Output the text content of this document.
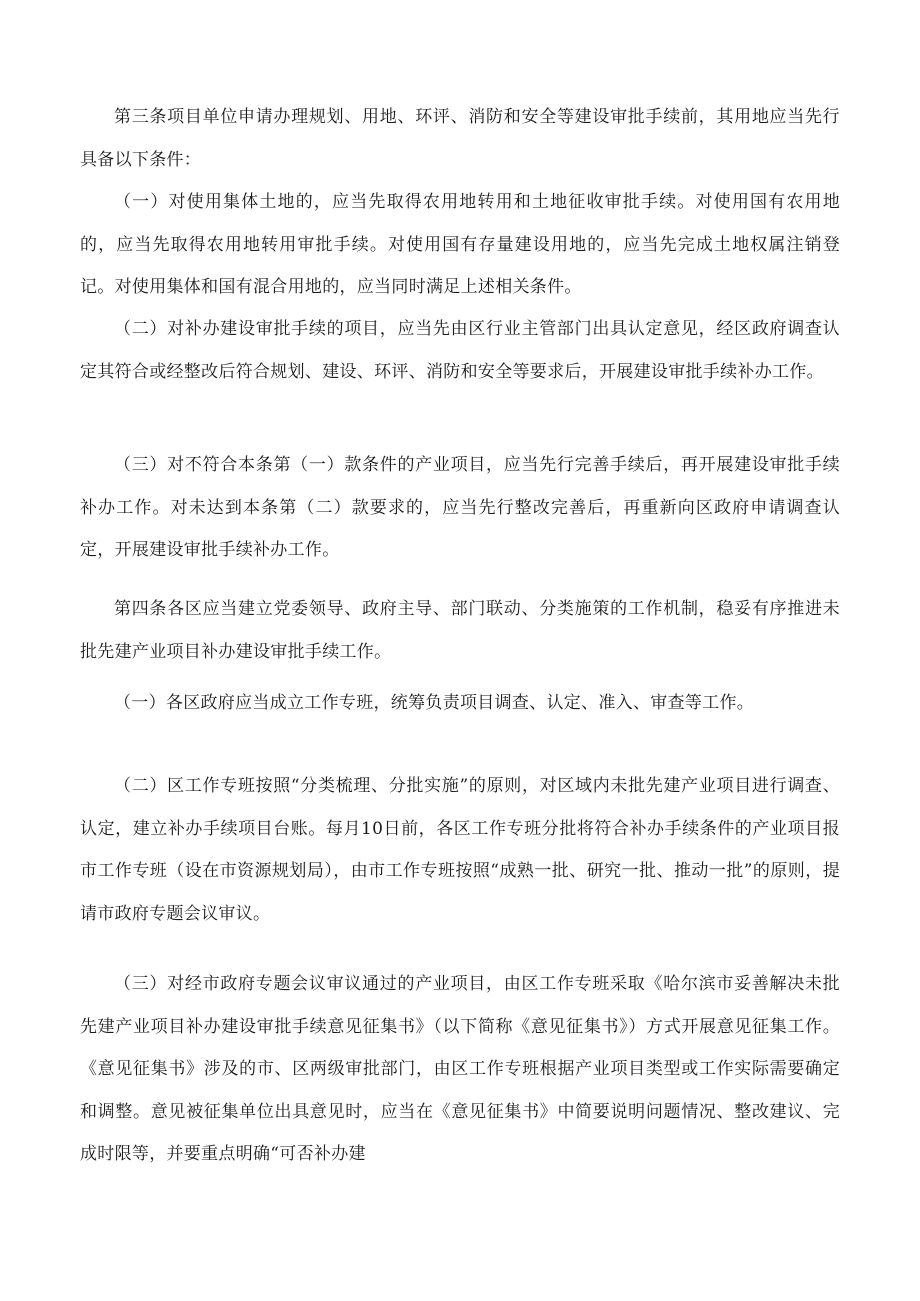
第三条项目单位申请办理规划、用地、环评、消防和安全等建设审批手续前，其用地应当先行具备以下条件：

（一）对使用集体土地的，应当先取得农用地转用和土地征收审批手续。对使用国有农用地的，应当先取得农用地转用审批手续。对使用国有存量建设用地的，应当先完成土地权属注销登记。对使用集体和国有混合用地的，应当同时满足上述相关条件。

（二）对补办建设审批手续的项目，应当先由区行业主管部门出具认定意见，经区政府调查认定其符合或经整改后符合规划、建设、环评、消防和安全等要求后，开展建设审批手续补办工作。

（三）对不符合本条第（一）款条件的产业项目，应当先行完善手续后，再开展建设审批手续补办工作。对未达到本条第（二）款要求的，应当先行整改完善后，再重新向区政府申请调查认定，开展建设审批手续补办工作。

第四条各区应当建立党委领导、政府主导、部门联动、分类施策的工作机制，稳妥有序推进未批先建产业项目补办建设审批手续工作。

（一）各区政府应当成立工作专班，统筹负责项目调查、认定、准入、审查等工作。

（二）区工作专班按照“分类梳理、分批实施”的原则，对区域内未批先建产业项目进行调查、认定，建立补办手续项目台账。每月10日前，各区工作专班分批将符合补办手续条件的产业项目报市工作专班（设在市资源规划局），由市工作专班按照“成熟一批、研究一批、推动一批”的原则，提请市政府专题会议审议。

（三）对经市政府专题会议审议通过的产业项目，由区工作专班采取《哈尔滨市妥善解决未批先建产业项目补办建设审批手续意见征集书》（以下简称《意见征集书》）方式开展意见征集工作。《意见征集书》涉及的市、区两级审批部门，由区工作专班根据产业项目类型或工作实际需要确定和调整。意见被征集单位出具意见时，应当在《意见征集书》中简要说明问题情况、整改建议、完成时限等，并要重点明确“可否补办建
